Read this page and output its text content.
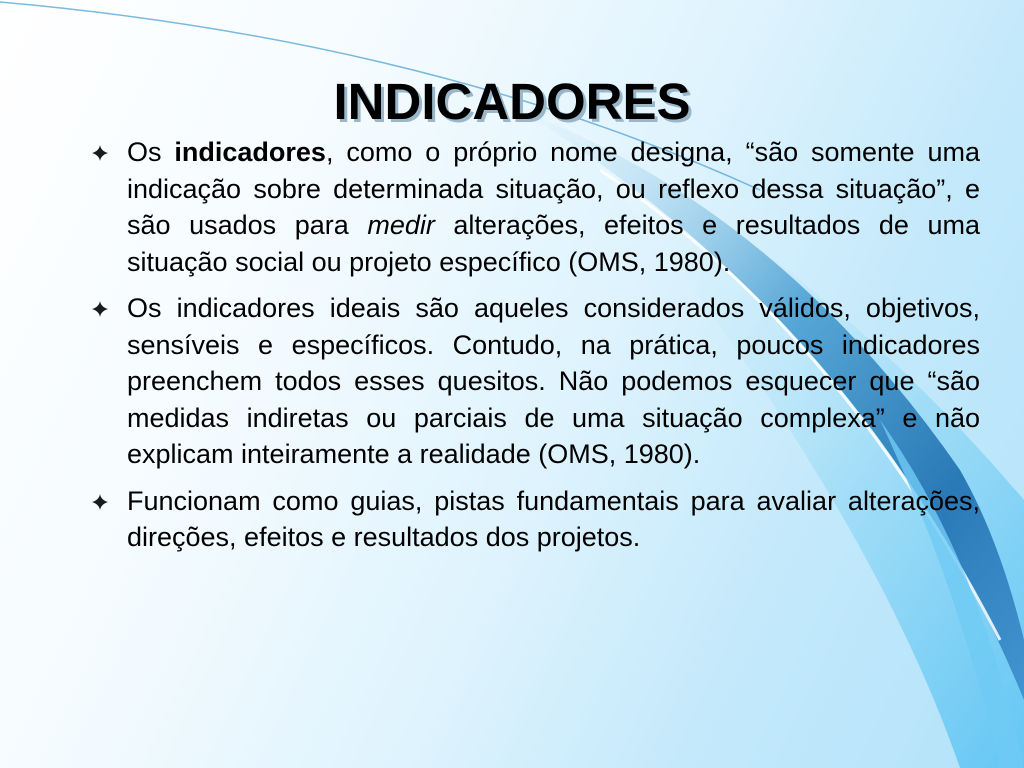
INDICADORES
Os indicadores, como o próprio nome designa, “são somente uma indicação sobre determinada situação, ou reflexo dessa situação”, e são usados para medir alterações, efeitos e resultados de uma situação social ou projeto específico (OMS, 1980).
Os indicadores ideais são aqueles considerados válidos, objetivos, sensíveis e específicos. Contudo, na prática, poucos indicadores preenchem todos esses quesitos. Não podemos esquecer que “são medidas indiretas ou parciais de uma situação complexa” e não explicam inteiramente a realidade (OMS, 1980).
Funcionam como guias, pistas fundamentais para avaliar alterações, direções, efeitos e resultados dos projetos.
